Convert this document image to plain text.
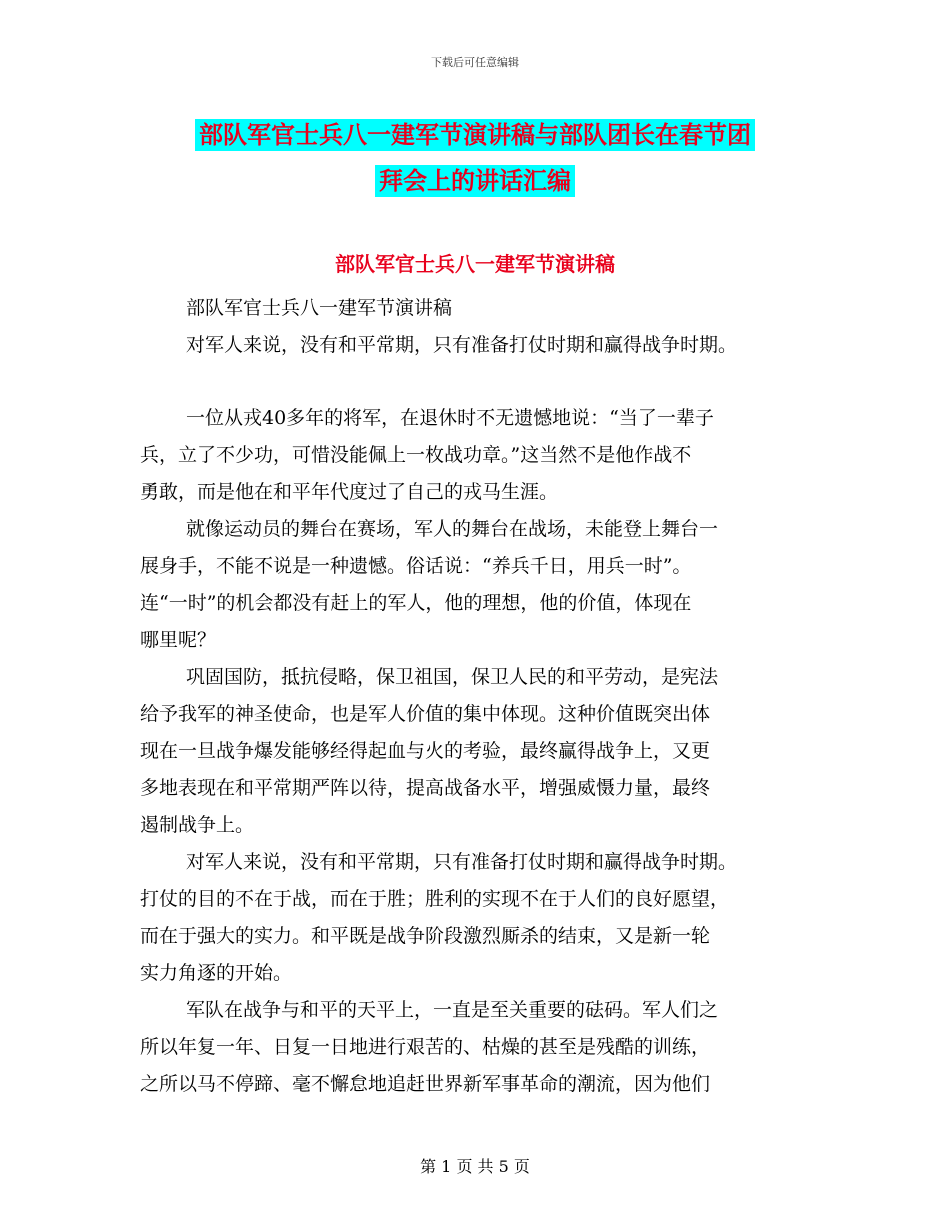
下载后可任意编辑
部队军官士兵八一建军节演讲稿与部队团长在春节团
拜会上的讲话汇编
部队军官士兵八一建军节演讲稿
部队军官士兵八一建军节演讲稿
对军人来说，没有和平常期，只有准备打仗时期和赢得战争时期。
一位从戎40多年的将军，在退休时不无遗憾地说：“当了一辈子
兵，立了不少功，可惜没能佩上一枚战功章。”这当然不是他作战不
勇敢，而是他在和平年代度过了自己的戎马生涯。
就像运动员的舞台在赛场，军人的舞台在战场，未能登上舞台一
展身手，不能不说是一种遗憾。俗话说：“养兵千日，用兵一时”。
连“一时”的机会都没有赶上的军人，他的理想，他的价值，体现在
哪里呢？
巩固国防，抵抗侵略，保卫祖国，保卫人民的和平劳动，是宪法
给予我军的神圣使命，也是军人价值的集中体现。这种价值既突出体
现在一旦战争爆发能够经得起血与火的考验，最终赢得战争上，又更
多地表现在和平常期严阵以待，提高战备水平，增强威慑力量，最终
遏制战争上。
对军人来说，没有和平常期，只有准备打仗时期和赢得战争时期。
打仗的目的不在于战，而在于胜；胜利的实现不在于人们的良好愿望，
而在于强大的实力。和平既是战争阶段激烈厮杀的结束，又是新一轮
实力角逐的开始。
军队在战争与和平的天平上，一直是至关重要的砝码。军人们之
所以年复一年、日复一日地进行艰苦的、枯燥的甚至是残酷的训练，
之所以马不停蹄、毫不懈怠地追赶世界新军事革命的潮流，因为他们
第 1 页 共 5 页
